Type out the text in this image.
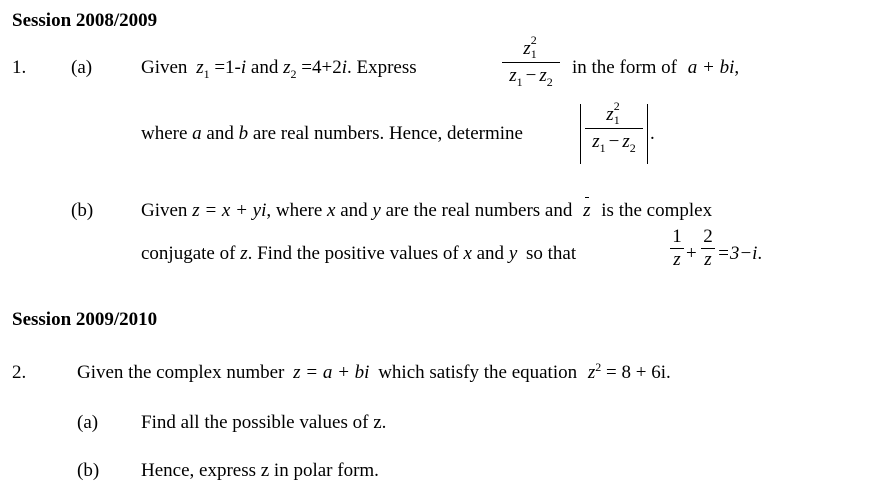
Session 2008/2009
1. (a)	Given $z_1 =1-i$ and $z_2 =4+2i$. Express
z 2
1
$z_1 - z_2$
in the form of a + bi,
where a and b are real numbers. Hence, determine
z 2
1
$z_1 - z_2$
.
(b)	Given z = x + yi, where x and y are the real numbers and z is the complex
conjugate of z. Find the positive values of x and y so that
1
z +
2
z =3−i.
Session 2009/2010
2.	Given the complex number z = a + bi which satisfy the equation $z^2 = 8 + 6i$.
(a) Find all the possible values of z.
(b) Hence, express z in polar form.
